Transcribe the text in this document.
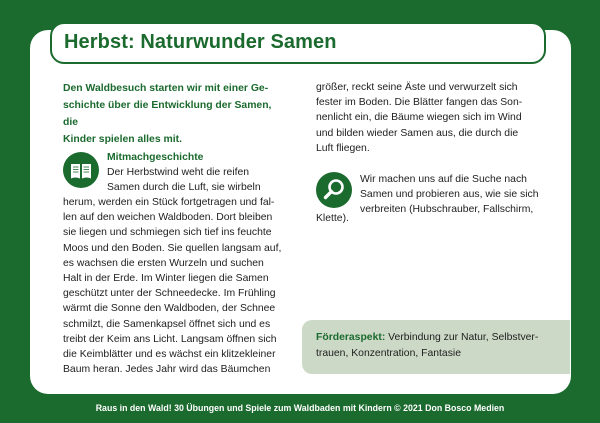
Herbst: Naturwunder Samen

Den Waldbesuch starten wir mit einer Ge-
schichte über die Entwicklung der Samen, die
Kinder spielen alles mit.

Mitmachgeschichte

Der Herbstwind weht die reifen
Samen durch die Luft, sie wirbeln

herum, werden ein Stück fortgetragen und fal-
len auf den weichen Waldboden. Dort bleiben
sie liegen und schmiegen sich tief ins feuchte
Moos und den Boden. Sie quellen langsam auf,
es wachsen die ersten Wurzeln und suchen
Halt in der Erde. Im Winter liegen die Samen
geschützt unter der Schneedecke. Im Frühling
wärmt die Sonne den Waldboden, der Schnee
schmilzt, die Samenkapsel öffnet sich und es
treibt der Keim ans Licht. Langsam öffnen sich
die Keimblätter und es wächst ein klitzekleiner
Baum heran. Jedes Jahr wird das Bäumchen

größer, reckt seine Äste und verwurzelt sich
fester im Boden. Die Blätter fangen das Son-
nenlicht ein, die Bäume wiegen sich im Wind
und bilden wieder Samen aus, die durch die
Luft fliegen.

Wir machen uns auf die Suche nach
Samen und probieren aus, wie sie sich
verbreiten (Hubschrauber, Fallschirm,

Klette).

Förderaspekt: Verbindung zur Natur, Selbstver-
trauen, Konzentration, Fantasie

Raus in den Wald! 30 Übungen und Spiele zum Waldbaden mit Kindern © 2021 Don Bosco Medien
